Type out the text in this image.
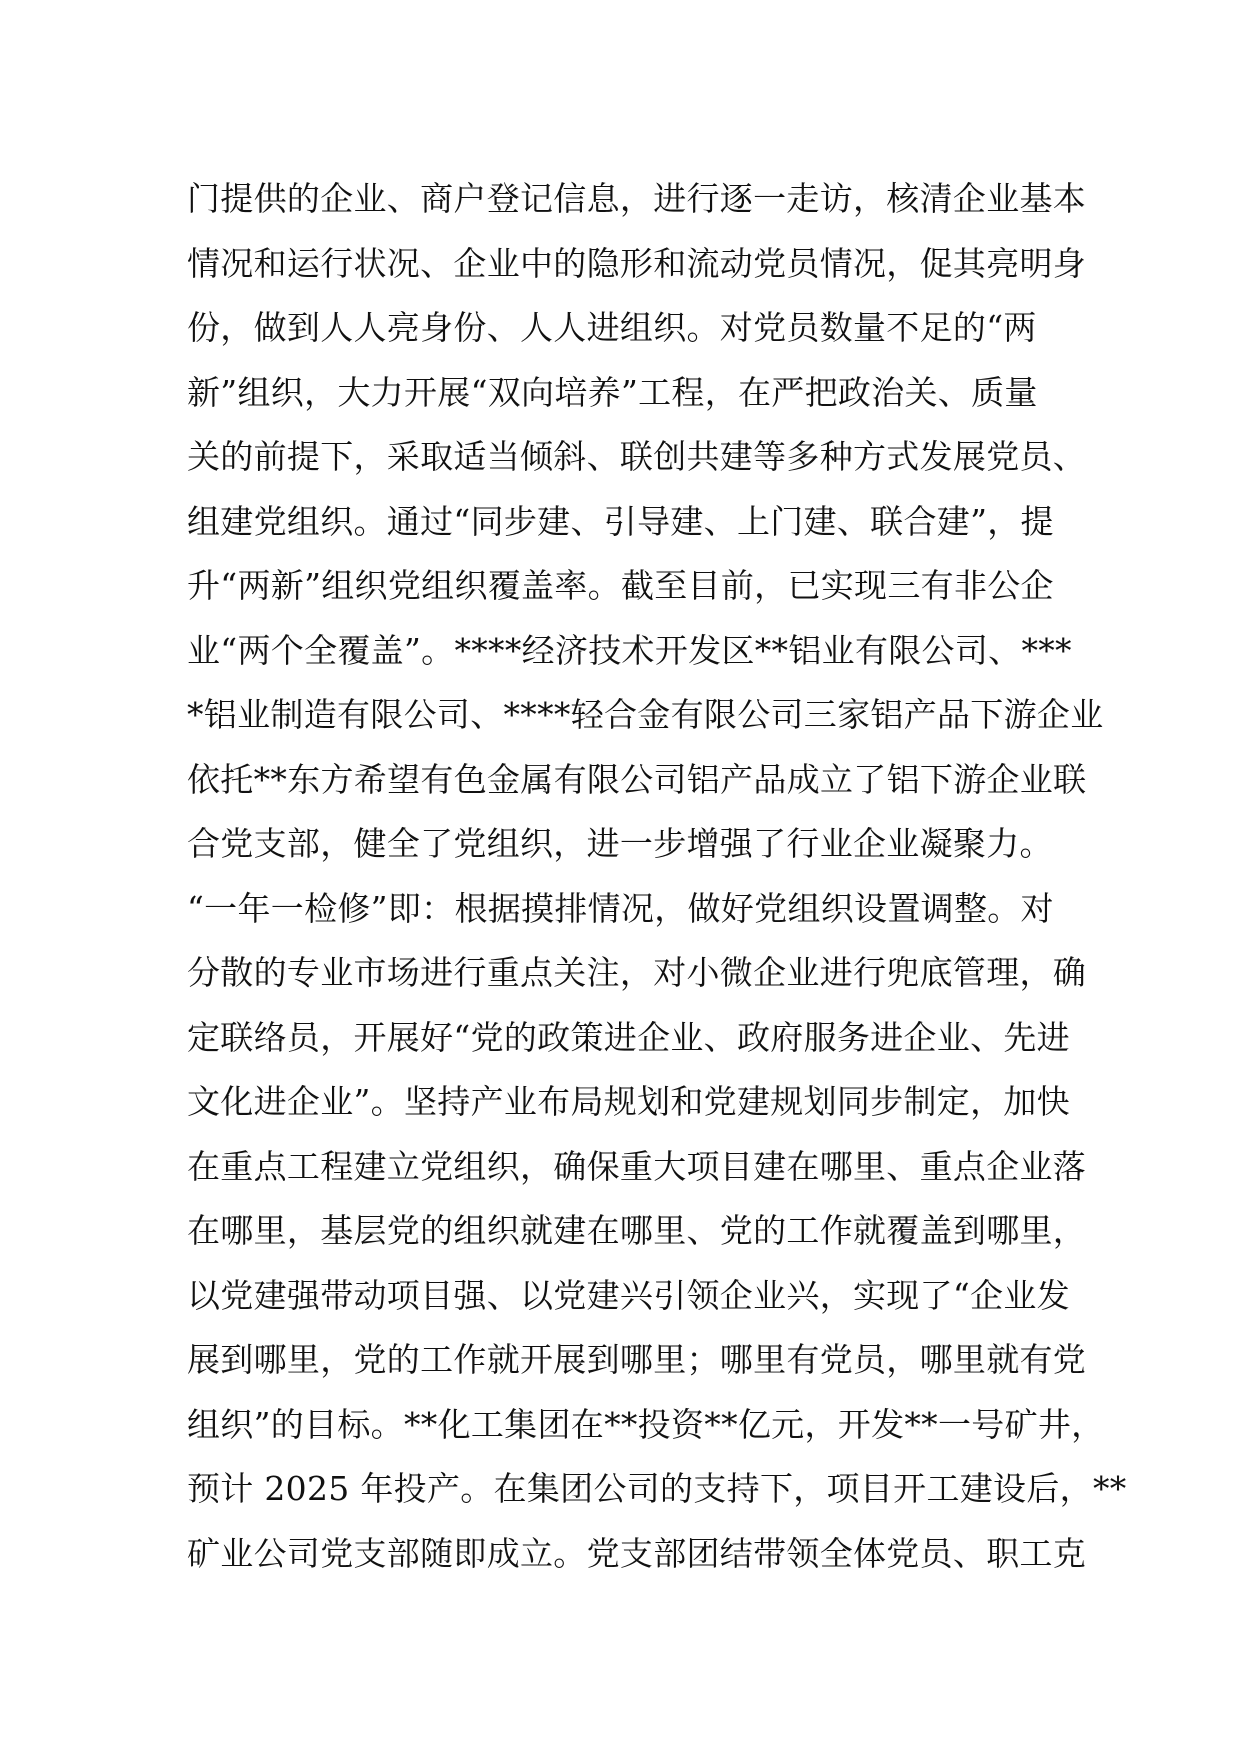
门提供的企业、商户登记信息，进行逐一走访，核清企业基本
情况和运行状况、企业中的隐形和流动党员情况，促其亮明身
份，做到人人亮身份、人人进组织。对党员数量不足的“两
新”组织，大力开展“双向培养”工程，在严把政治关、质量
关的前提下，采取适当倾斜、联创共建等多种方式发展党员、
组建党组织。通过“同步建、引导建、上门建、联合建”，提
升“两新”组织党组织覆盖率。截至目前，已实现三有非公企
业“两个全覆盖”。****经济技术开发区**铝业有限公司、***
*铝业制造有限公司、****轻合金有限公司三家铝产品下游企业
依托**东方希望有色金属有限公司铝产品成立了铝下游企业联
合党支部，健全了党组织，进一步增强了行业企业凝聚力。
“一年一检修”即：根据摸排情况，做好党组织设置调整。对
分散的专业市场进行重点关注，对小微企业进行兜底管理，确
定联络员，开展好“党的政策进企业、政府服务进企业、先进
文化进企业”。坚持产业布局规划和党建规划同步制定，加快
在重点工程建立党组织，确保重大项目建在哪里、重点企业落
在哪里，基层党的组织就建在哪里、党的工作就覆盖到哪里，
以党建强带动项目强、以党建兴引领企业兴，实现了“企业发
展到哪里，党的工作就开展到哪里；哪里有党员，哪里就有党
组织”的目标。**化工集团在**投资**亿元，开发**一号矿井，
预计 2025 年投产。在集团公司的支持下，项目开工建设后，**
矿业公司党支部随即成立。党支部团结带领全体党员、职工克
